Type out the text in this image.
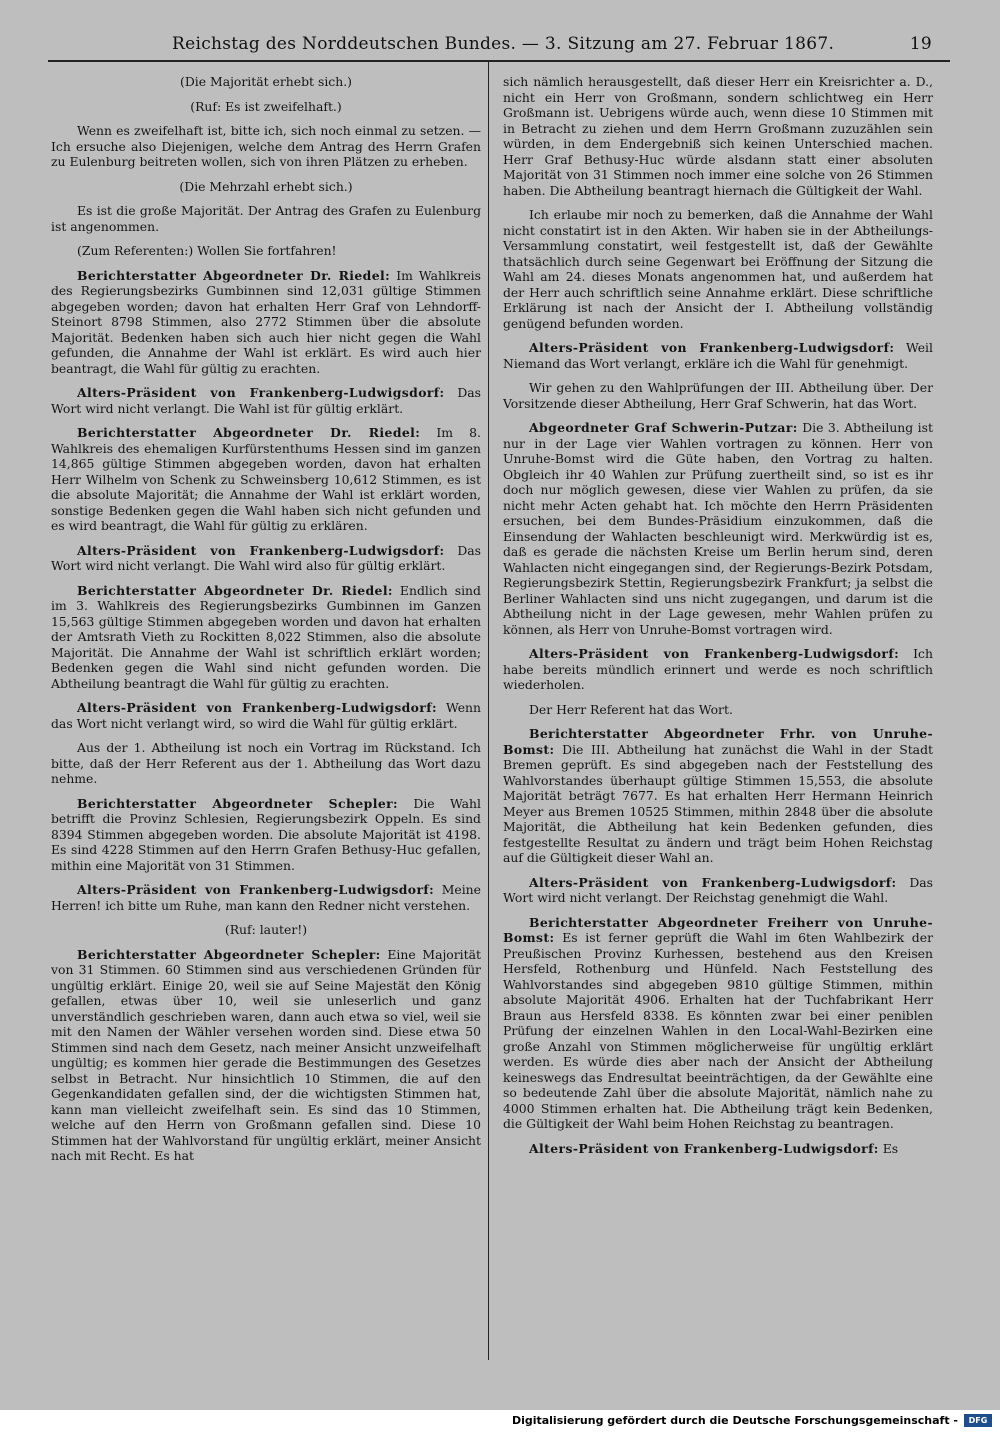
Reichstag des Norddeutschen Bundes. — 3. Sitzung am 27. Februar 1867.	19

(Die Majorität erhebt sich.)

(Ruf: Es ist zweifelhaft.)

Wenn es zweifelhaft ist, bitte ich, sich noch einmal zu setzen. — Ich ersuche also Diejenigen, welche dem Antrag des Herrn Grafen zu Eulenburg beitreten wollen, sich von ihren Plätzen zu erheben.

(Die Mehrzahl erhebt sich.)

Es ist die große Majorität. Der Antrag des Grafen zu Eulenburg ist angenommen.

(Zum Referenten:) Wollen Sie fortfahren!

Berichterstatter Abgeordneter Dr. Riedel: Im Wahlkreis des Regierungsbezirks Gumbinnen sind 12,031 gültige Stimmen abgegeben worden; davon hat erhalten Herr Graf von Lehndorff-Steinort 8798 Stimmen, also 2772 Stimmen über die absolute Majorität. Bedenken haben sich auch hier nicht gegen die Wahl gefunden, die Annahme der Wahl ist erklärt. Es wird auch hier beantragt, die Wahl für gültig zu erachten.

Alters-Präsident von Frankenberg-Ludwigsdorf: Das Wort wird nicht verlangt. Die Wahl ist für gültig erklärt.

Berichterstatter Abgeordneter Dr. Riedel: Im 8. Wahlkreis des ehemaligen Kurfürstenthums Hessen sind im ganzen 14,865 gültige Stimmen abgegeben worden, davon hat erhalten Herr Wilhelm von Schenk zu Schweinsberg 10,612 Stimmen, es ist die absolute Majorität; die Annahme der Wahl ist erklärt worden, sonstige Bedenken gegen die Wahl haben sich nicht gefunden und es wird beantragt, die Wahl für gültig zu erklären.

Alters-Präsident von Frankenberg-Ludwigsdorf: Das Wort wird nicht verlangt. Die Wahl wird also für gültig erklärt.

Berichterstatter Abgeordneter Dr. Riedel: Endlich sind im 3. Wahlkreis des Regierungsbezirks Gumbinnen im Ganzen 15,563 gültige Stimmen abgegeben worden und davon hat erhalten der Amtsrath Vieth zu Rockitten 8,022 Stimmen, also die absolute Majorität. Die Annahme der Wahl ist schriftlich erklärt worden; Bedenken gegen die Wahl sind nicht gefunden worden. Die Abtheilung beantragt die Wahl für gültig zu erachten.

Alters-Präsident von Frankenberg-Ludwigsdorf: Wenn das Wort nicht verlangt wird, so wird die Wahl für gültig erklärt.

Aus der 1. Abtheilung ist noch ein Vortrag im Rückstand. Ich bitte, daß der Herr Referent aus der 1. Abtheilung das Wort dazu nehme.

Berichterstatter Abgeordneter Schepler: Die Wahl betrifft die Provinz Schlesien, Regierungsbezirk Oppeln. Es sind 8394 Stimmen abgegeben worden. Die absolute Majorität ist 4198. Es sind 4228 Stimmen auf den Herrn Grafen Bethusy-Huc gefallen, mithin eine Majorität von 31 Stimmen.

Alters-Präsident von Frankenberg-Ludwigsdorf: Meine Herren! ich bitte um Ruhe, man kann den Redner nicht verstehen.

(Ruf: lauter!)

Berichterstatter Abgeordneter Schepler: Eine Majorität von 31 Stimmen. 60 Stimmen sind aus verschiedenen Gründen für ungültig erklärt. Einige 20, weil sie auf Seine Majestät den König gefallen, etwas über 10, weil sie unleserlich und ganz unverständlich geschrieben waren, dann auch etwa so viel, weil sie mit den Namen der Wähler versehen worden sind. Diese etwa 50 Stimmen sind nach dem Gesetz, nach meiner Ansicht unzweifelhaft ungültig; es kommen hier gerade die Bestimmungen des Gesetzes selbst in Betracht. Nur hinsichtlich 10 Stimmen, die auf den Gegenkandidaten gefallen sind, der die wichtigsten Stimmen hat, kann man vielleicht zweifelhaft sein. Es sind das 10 Stimmen, welche auf den Herrn von Großmann gefallen sind. Diese 10 Stimmen hat der Wahlvorstand für ungültig erklärt, meiner Ansicht nach mit Recht. Es hat

sich nämlich herausgestellt, daß dieser Herr ein Kreisrichter a. D., nicht ein Herr von Großmann, sondern schlichtweg ein Herr Großmann ist. Uebrigens würde auch, wenn diese 10 Stimmen mit in Betracht zu ziehen und dem Herrn Großmann zuzuzählen sein würden, in dem Endergebniß sich keinen Unterschied machen. Herr Graf Bethusy-Huc würde alsdann statt einer absoluten Majorität von 31 Stimmen noch immer eine solche von 26 Stimmen haben. Die Abtheilung beantragt hiernach die Gültigkeit der Wahl.

Ich erlaube mir noch zu bemerken, daß die Annahme der Wahl nicht constatirt ist in den Akten. Wir haben sie in der Abtheilungs-Versammlung constatirt, weil festgestellt ist, daß der Gewählte thatsächlich durch seine Gegenwart bei Eröffnung der Sitzung die Wahl am 24. dieses Monats angenommen hat, und außerdem hat der Herr auch schriftlich seine Annahme erklärt. Diese schriftliche Erklärung ist nach der Ansicht der I. Abtheilung vollständig genügend befunden worden.

Alters-Präsident von Frankenberg-Ludwigsdorf: Weil Niemand das Wort verlangt, erkläre ich die Wahl für genehmigt.

Wir gehen zu den Wahlprüfungen der III. Abtheilung über. Der Vorsitzende dieser Abtheilung, Herr Graf Schwerin, hat das Wort.

Abgeordneter Graf Schwerin-Putzar: Die 3. Abtheilung ist nur in der Lage vier Wahlen vortragen zu können. Herr von Unruhe-Bomst wird die Güte haben, den Vortrag zu halten. Obgleich ihr 40 Wahlen zur Prüfung zuertheilt sind, so ist es ihr doch nur möglich gewesen, diese vier Wahlen zu prüfen, da sie nicht mehr Acten gehabt hat. Ich möchte den Herrn Präsidenten ersuchen, bei dem Bundes-Präsidium einzukommen, daß die Einsendung der Wahlacten beschleunigt wird. Merkwürdig ist es, daß es gerade die nächsten Kreise um Berlin herum sind, deren Wahlacten nicht eingegangen sind, der Regierungs-Bezirk Potsdam, Regierungsbezirk Stettin, Regierungsbezirk Frankfurt; ja selbst die Berliner Wahlacten sind uns nicht zugegangen, und darum ist die Abtheilung nicht in der Lage gewesen, mehr Wahlen prüfen zu können, als Herr von Unruhe-Bomst vortragen wird.

Alters-Präsident von Frankenberg-Ludwigsdorf: Ich habe bereits mündlich erinnert und werde es noch schriftlich wiederholen.

Der Herr Referent hat das Wort.

Berichterstatter Abgeordneter Frhr. von Unruhe-Bomst: Die III. Abtheilung hat zunächst die Wahl in der Stadt Bremen geprüft. Es sind abgegeben nach der Feststellung des Wahlvorstandes überhaupt gültige Stimmen 15,553, die absolute Majorität beträgt 7677. Es hat erhalten Herr Hermann Heinrich Meyer aus Bremen 10525 Stimmen, mithin 2848 über die absolute Majorität, die Abtheilung hat kein Bedenken gefunden, dies festgestellte Resultat zu ändern und trägt beim Hohen Reichstag auf die Gültigkeit dieser Wahl an.

Alters-Präsident von Frankenberg-Ludwigsdorf: Das Wort wird nicht verlangt. Der Reichstag genehmigt die Wahl.

Berichterstatter Abgeordneter Freiherr von Unruhe-Bomst: Es ist ferner geprüft die Wahl im 6ten Wahlbezirk der Preußischen Provinz Kurhessen, bestehend aus den Kreisen Hersfeld, Rothenburg und Hünfeld. Nach Feststellung des Wahlvorstandes sind abgegeben 9810 gültige Stimmen, mithin absolute Majorität 4906. Erhalten hat der Tuchfabrikant Herr Braun aus Hersfeld 8338. Es könnten zwar bei einer peniblen Prüfung der einzelnen Wahlen in den Local-Wahl-Bezirken eine große Anzahl von Stimmen möglicherweise für ungültig erklärt werden. Es würde dies aber nach der Ansicht der Abtheilung keineswegs das Endresultat beeinträchtigen, da der Gewählte eine so bedeutende Zahl über die absolute Majorität, nämlich nahe zu 4000 Stimmen erhalten hat. Die Abtheilung trägt kein Bedenken, die Gültigkeit der Wahl beim Hohen Reichstag zu beantragen.

Alters-Präsident von Frankenberg-Ludwigsdorf: Es

Digitalisierung gefördert durch die Deutsche Forschungsgemeinschaft -	DFG
